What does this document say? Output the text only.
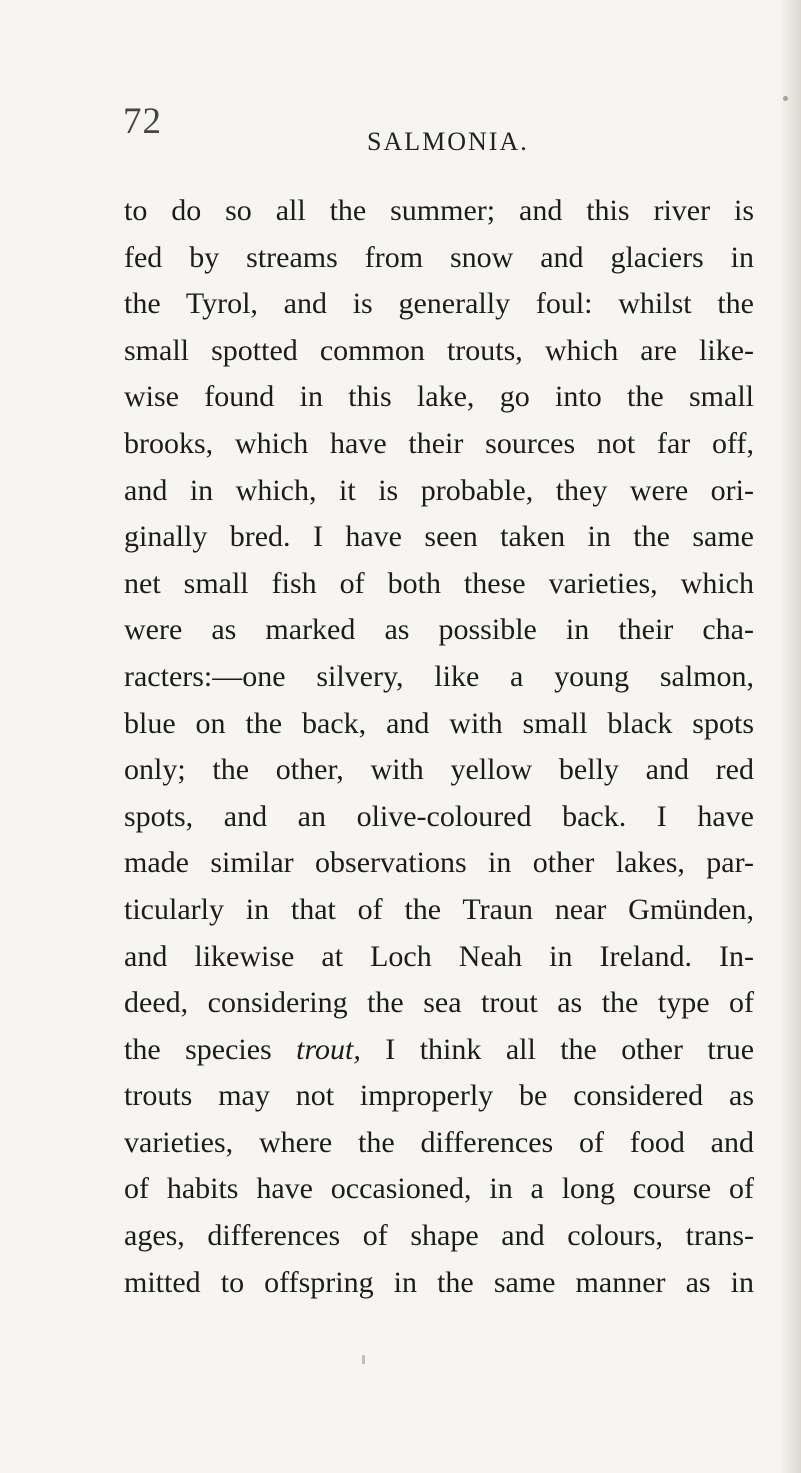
72	SALMONIA.
to do so all the summer; and this river is
fed by streams from snow and glaciers in
the Tyrol, and is generally foul: whilst the
small spotted common trouts, which are like-
wise found in this lake, go into the small
brooks, which have their sources not far off,
and in which, it is probable, they were ori-
ginally bred. I have seen taken in the same
net small fish of both these varieties, which
were as marked as possible in their cha-
racters:—one silvery, like a young salmon,
blue on the back, and with small black spots
only; the other, with yellow belly and red
spots, and an olive-coloured back. I have
made similar observations in other lakes, par-
ticularly in that of the Traun near Gmünden,
and likewise at Loch Neah in Ireland. In-
deed, considering the sea trout as the type of
the species trout, I think all the other true
trouts may not improperly be considered as
varieties, where the differences of food and
of habits have occasioned, in a long course of
ages, differences of shape and colours, trans-
mitted to offspring in the same manner as in
